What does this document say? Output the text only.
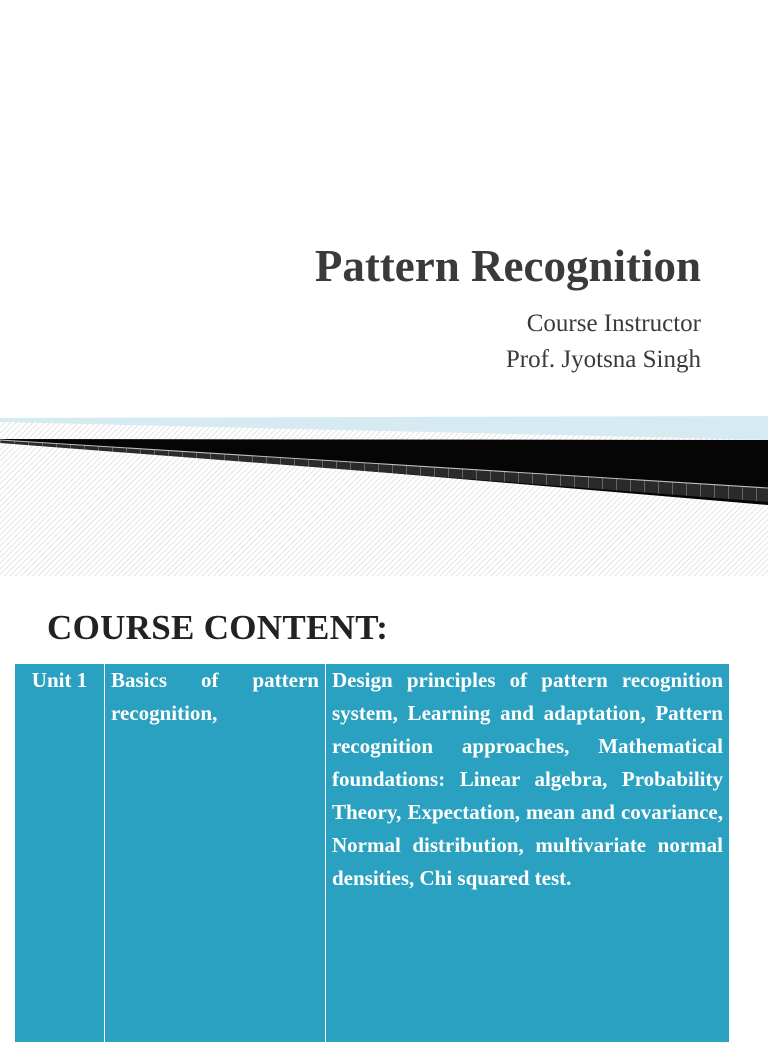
Pattern Recognition
Course Instructor
Prof. Jyotsna Singh
COURSE CONTENT:
Unit 1	Basics of pattern recognition,	Design principles of pattern recognition system, Learning and adaptation, Pattern recognition approaches, Mathematical foundations: Linear algebra, Probability Theory, Expectation, mean and covariance, Normal distribution, multivariate normal densities, Chi squared test.
